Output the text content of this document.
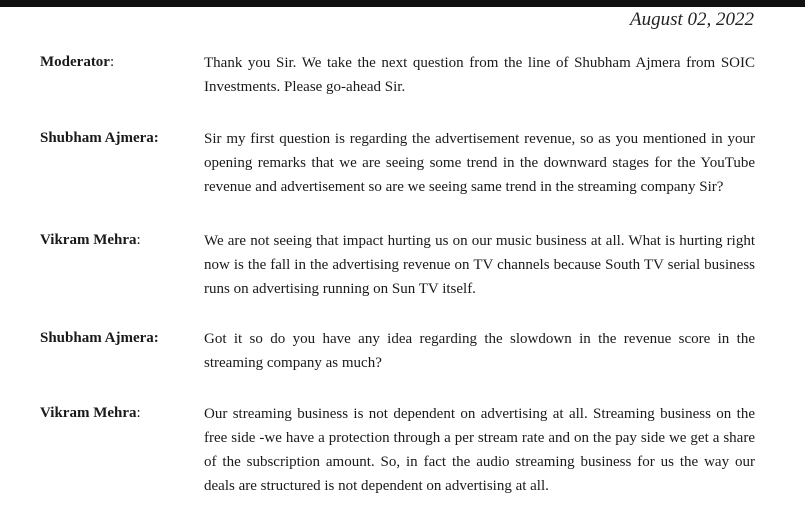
August 02, 2022
Moderator:	Thank you Sir. We take the next question from the line of Shubham Ajmera from SOIC Investments. Please go-ahead Sir.
Shubham Ajmera:	Sir my first question is regarding the advertisement revenue, so as you mentioned in your opening remarks that we are seeing some trend in the downward stages for the YouTube revenue and advertisement so are we seeing same trend in the streaming company Sir?
Vikram Mehra:	We are not seeing that impact hurting us on our music business at all. What is hurting right now is the fall in the advertising revenue on TV channels because South TV serial business runs on advertising running on Sun TV itself.
Shubham Ajmera:	Got it so do you have any idea regarding the slowdown in the revenue score in the streaming company as much?
Vikram Mehra:	Our streaming business is not dependent on advertising at all. Streaming business on the free side -we have a protection through a per stream rate and on the pay side we get a share of the subscription amount. So, in fact the audio streaming business for us the way our deals are structured is not dependent on advertising at all.
